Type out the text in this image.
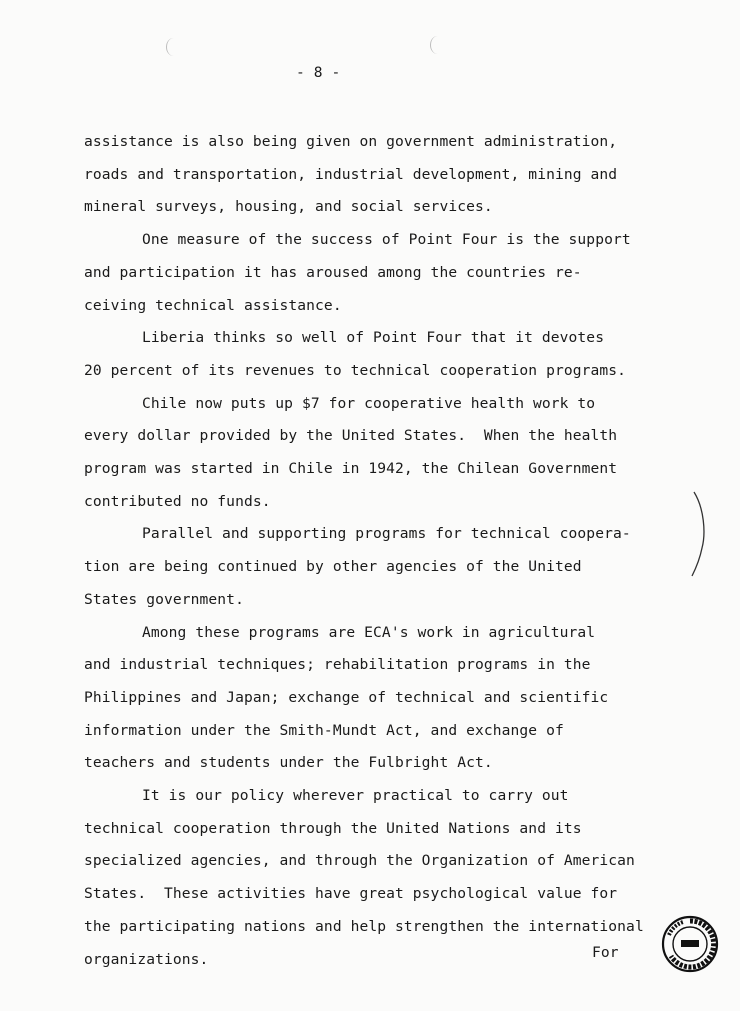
- 8 -
assistance is also being given on government administration,
roads and transportation, industrial development, mining and
mineral surveys, housing, and social services.
One measure of the success of Point Four is the support
and participation it has aroused among the countries re-
ceiving technical assistance.
Liberia thinks so well of Point Four that it devotes
20 percent of its revenues to technical cooperation programs.
Chile now puts up $7 for cooperative health work to
every dollar provided by the United States.  When the health
program was started in Chile in 1942, the Chilean Government
contributed no funds.
Parallel and supporting programs for technical coopera-
tion are being continued by other agencies of the United
States government.
Among these programs are ECA's work in agricultural
and industrial techniques; rehabilitation programs in the
Philippines and Japan; exchange of technical and scientific
information under the Smith-Mundt Act, and exchange of
teachers and students under the Fulbright Act.
It is our policy wherever practical to carry out
technical cooperation through the United Nations and its
specialized agencies, and through the Organization of American
States.  These activities have great psychological value for
the participating nations and help strengthen the international
organizations.	For
